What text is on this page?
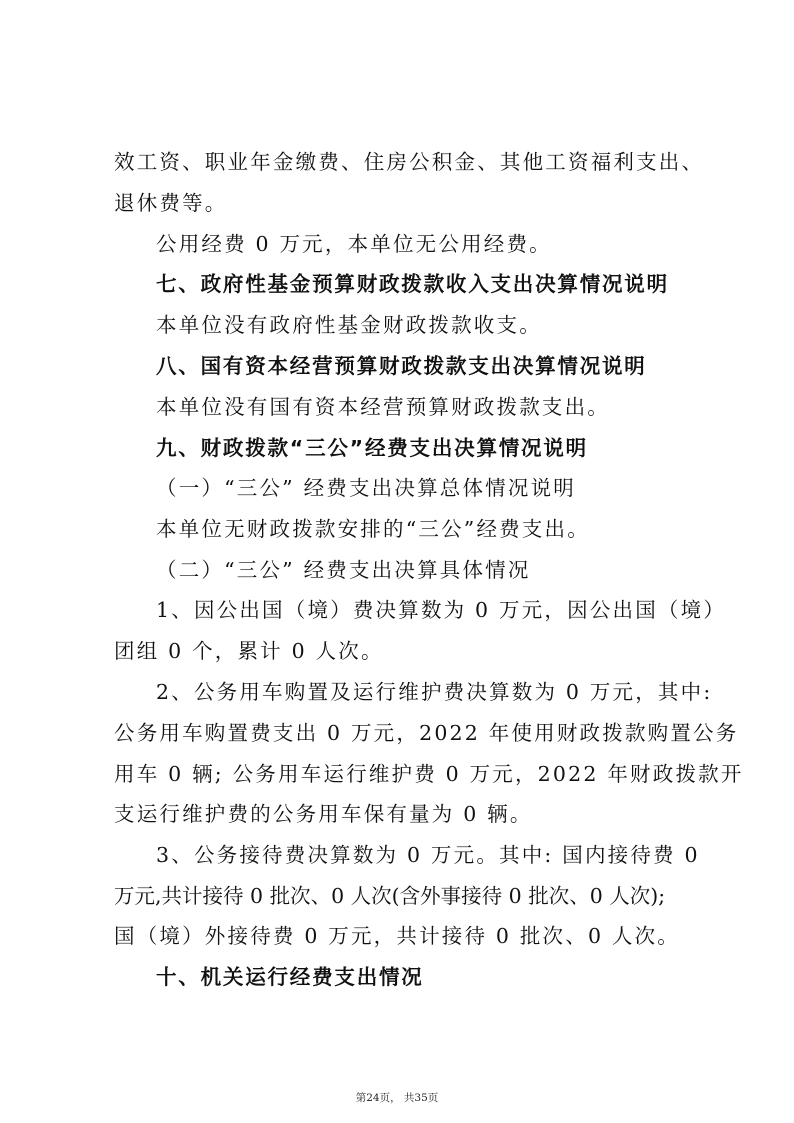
效工资、职业年金缴费、住房公积金、其他工资福利支出、
退休费等。
公用经费 0 万元，本单位无公用经费。
七、政府性基金预算财政拨款收入支出决算情况说明
本单位没有政府性基金财政拨款收支。
八、国有资本经营预算财政拨款支出决算情况说明
本单位没有国有资本经营预算财政拨款支出。
九、财政拨款“三公”经费支出决算情况说明
（一）“三公” 经费支出决算总体情况说明
本单位无财政拨款安排的“三公”经费支出。
（二）“三公” 经费支出决算具体情况
1、因公出国（境）费决算数为 0 万元，因公出国（境）
团组 0 个，累计 0 人次。
2、公务用车购置及运行维护费决算数为 0 万元，其中:
公务用车购置费支出 0 万元，2022 年使用财政拨款购置公务
用车 0 辆; 公务用车运行维护费 0 万元，2022 年财政拨款开
支运行维护费的公务用车保有量为 0 辆。
3、公务接待费决算数为 0 万元。其中: 国内接待费 0
万元,共计接待 0 批次、0 人次(含外事接待 0 批次、0 人次);
国（境）外接待费 0 万元，共计接待 0 批次、0 人次。
十、机关运行经费支出情况
第24页， 共35页
